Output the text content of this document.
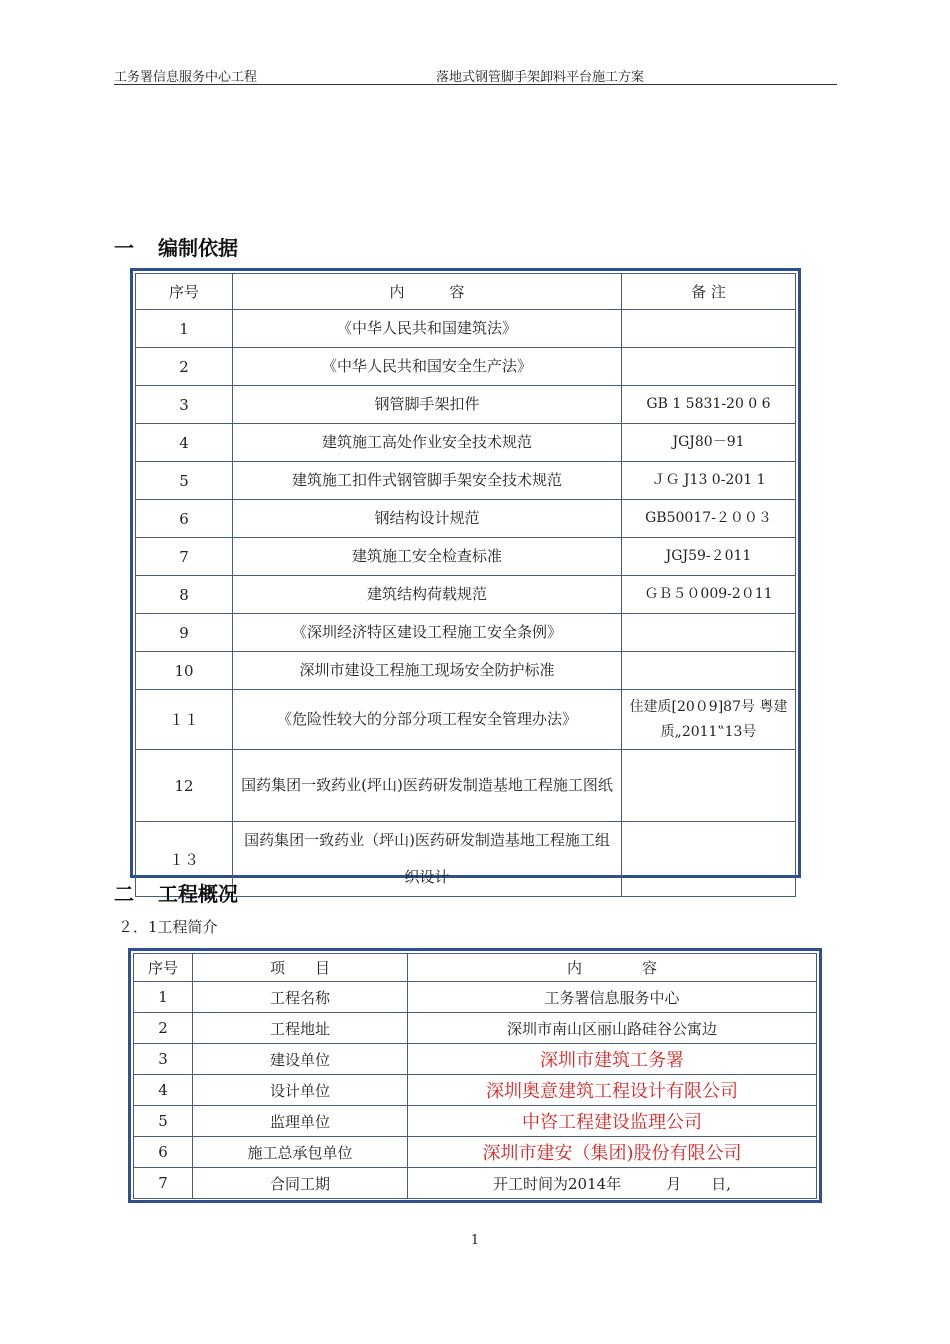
工务署信息服务中心工程	落地式钢管脚手架卸料平台施工方案
一 编制依据
序号	内　　　容	备 注
1	《中华人民共和国建筑法》	
2	《中华人民共和国安全生产法》	
3	钢管脚手架扣件	GB 1 5831-20 0 6
4	建筑施工高处作业安全技术规范	JGJ80－91
5	建筑施工扣件式钢管脚手架安全技术规范	ＪＧ J13 0-201 1
6	钢结构设计规范	GB50017-２００３
7	建筑施工安全检查标准	JGJ59-２011
8	建筑结构荷载规范	ＧＢ５０009-2０11
9	《深圳经济特区建设工程施工安全条例》	
10	深圳市建设工程施工现场安全防护标准	
１１	《危险性较大的分部分项工程安全管理办法》	住建质[20０9]87号 粤建质„2011‟13号
12	国药集团一致药业(坪山)医药研发制造基地工程施工图纸	
１３	国药集团一致药业（坪山)医药研发制造基地工程施工组织设计	
二 工程概况
２．1工程简介
序号	项　　目	内　　　　容
1	工程名称	工务署信息服务中心
2	工程地址	深圳市南山区丽山路硅谷公寓边
3	建设单位	深圳市建筑工务署
4	设计单位	深圳奥意建筑工程设计有限公司
5	监理单位	中咨工程建设监理公司
6	施工总承包单位	深圳市建安（集团)股份有限公司
7	合同工期	开工时间为2014年　　　月　　日,
1
